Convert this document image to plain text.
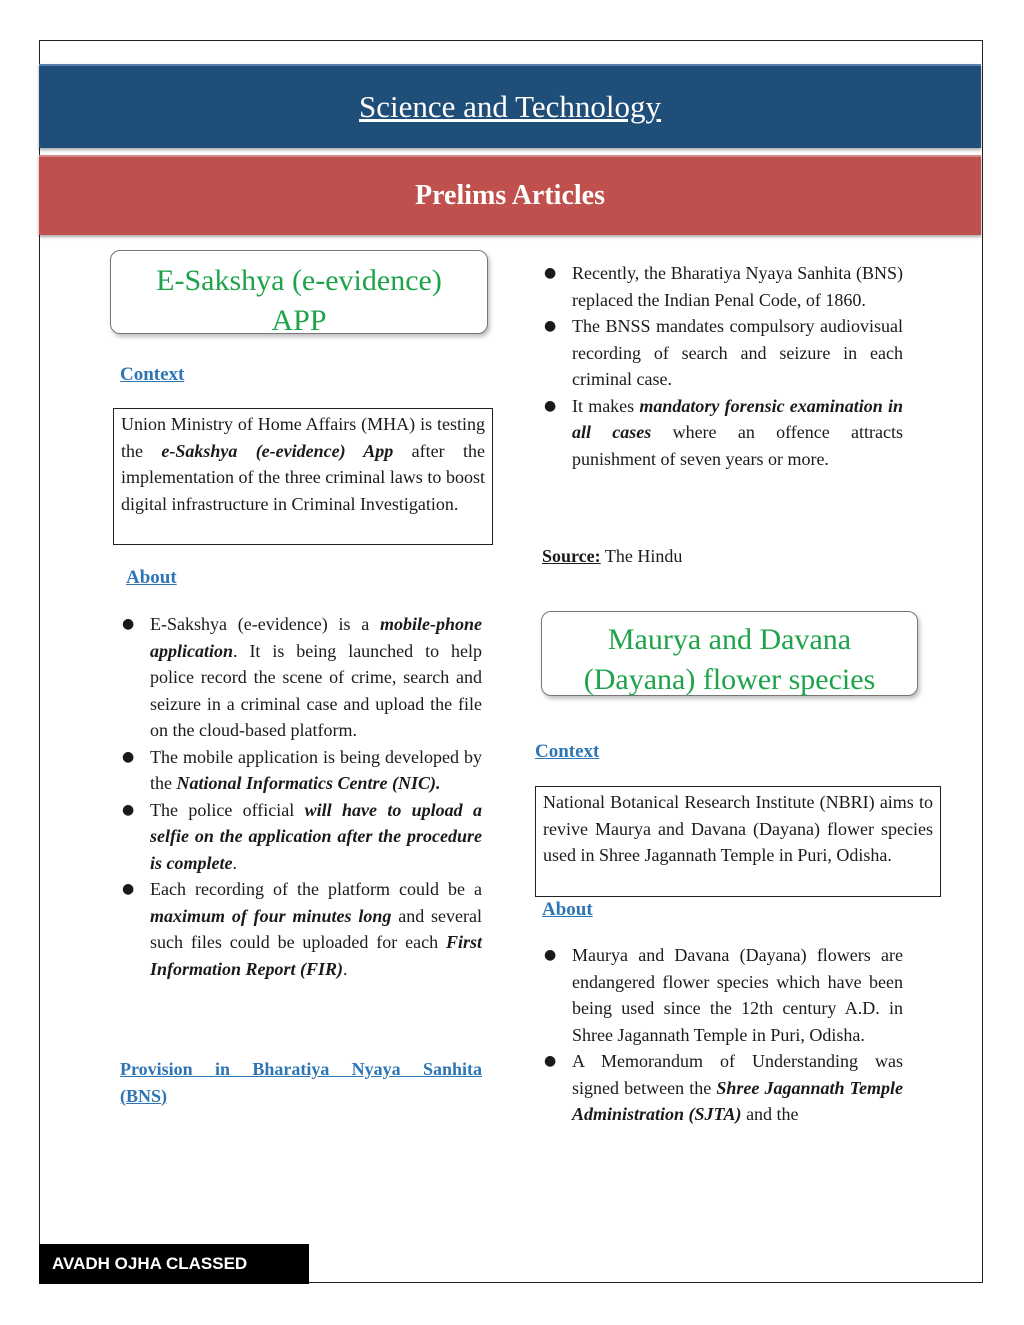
Science and Technology
Prelims Articles
E-Sakshya (e-evidence)
APP
Context
Union Ministry of Home Affairs (MHA) is testing the e-Sakshya (e-evidence) App after the implementation of the three criminal laws to boost digital infrastructure in Criminal Investigation.
About
● E-Sakshya (e-evidence) is a mobile-phone application. It is being launched to help police record the scene of crime, search and seizure in a criminal case and upload the file on the cloud-based platform.
● The mobile application is being developed by the National Informatics Centre (NIC).
● The police official will have to upload a selfie on the application after the procedure is complete.
● Each recording of the platform could be a maximum of four minutes long and several such files could be uploaded for each First Information Report (FIR).
Provision in Bharatiya Nyaya Sanhita
(BNS)
● Recently, the Bharatiya Nyaya Sanhita (BNS) replaced the Indian Penal Code, of 1860.
● The BNSS mandates compulsory audiovisual recording of search and seizure in each criminal case.
● It makes mandatory forensic examination in all cases where an offence attracts punishment of seven years or more.
Source: The Hindu
Maurya and Davana
(Dayana) flower species
Context
National Botanical Research Institute (NBRI) aims to revive Maurya and Davana (Dayana) flower species used in Shree Jagannath Temple in Puri, Odisha.
About
● Maurya and Davana (Dayana) flowers are endangered flower species which have been being used since the 12th century A.D. in Shree Jagannath Temple in Puri, Odisha.
● A Memorandum of Understanding was signed between the Shree Jagannath Temple Administration (SJTA) and the
AVADH OJHA CLASSED
